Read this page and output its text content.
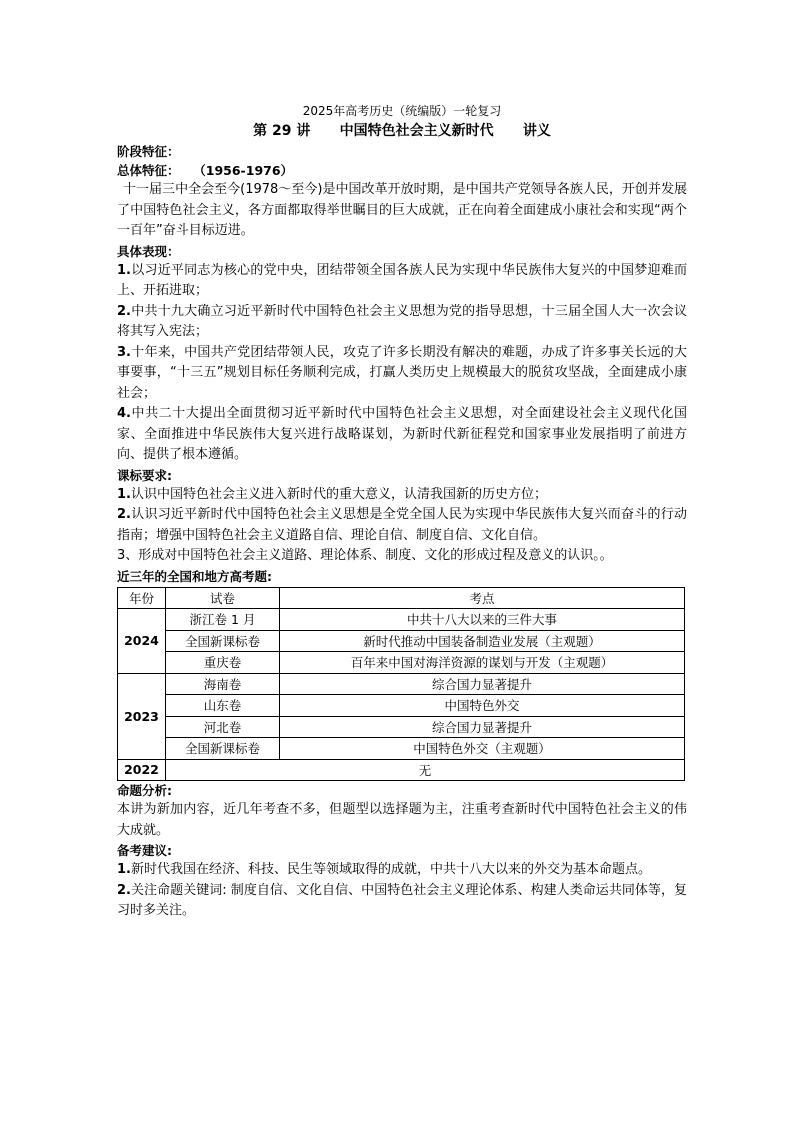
2025年高考历史（统编版）一轮复习
第 29 讲      中国特色社会主义新时代      讲义
阶段特征：
总体特征： （1956-1976）

十一届三中全会至今(1978～至今)是中国改革开放时期，是中国共产党领导各族人民，开创并发展了中国特色社会主义，各方面都取得举世瞩目的巨大成就，正在向着全面建成小康社会和实现“两个一百年”奋斗目标迈进。

具体表现：

1.以习近平同志为核心的党中央，团结带领全国各族人民为实现中华民族伟大复兴的中国梦迎难而上、开拓进取；

2.中共十九大确立习近平新时代中国特色社会主义思想为党的指导思想，十三届全国人大一次会议将其写入宪法；

3.十年来，中国共产党团结带领人民，攻克了许多长期没有解决的难题，办成了许多事关长远的大事要事，“十三五”规划目标任务顺利完成，打赢人类历史上规模最大的脱贫攻坚战，全面建成小康社会；

4.中共二十大提出全面贯彻习近平新时代中国特色社会主义思想，对全面建设社会主义现代化国家、全面推进中华民族伟大复兴进行战略谋划，为新时代新征程党和国家事业发展指明了前进方向、提供了根本遵循。

课标要求:

1.认识中国特色社会主义进入新时代的重大意义，认清我国新的历史方位；

2.认识习近平新时代中国特色社会主义思想是全党全国人民为实现中华民族伟大复兴而奋斗的行动指南；增强中国特色社会主义道路自信、理论自信、制度自信、文化自信。

3、形成对中国特色社会主义道路、理论体系、制度、文化的形成过程及意义的认识。。

近三年的全国和地方高考题:
年份	试卷	考点
2024	浙江卷 1 月	中共十八大以来的三件大事
	全国新课标卷	新时代推动中国装备制造业发展（主观题）
	重庆卷	百年来中国对海洋资源的谋划与开发（主观题）
2023	海南卷	综合国力显著提升
	山东卷	中国特色外交
	河北卷	综合国力显著提升
	全国新课标卷	中国特色外交（主观题）
2022	无	
命题分析:

本讲为新加内容，近几年考查不多，但题型以选择题为主，注重考查新时代中国特色社会主义的伟大成就。

备考建议:

1.新时代我国在经济、科技、民生等领域取得的成就，中共十八大以来的外交为基本命题点。

2.关注命题关键词: 制度自信、文化自信、中国特色社会主义理论体系、构建人类命运共同体等，复习时多关注。
